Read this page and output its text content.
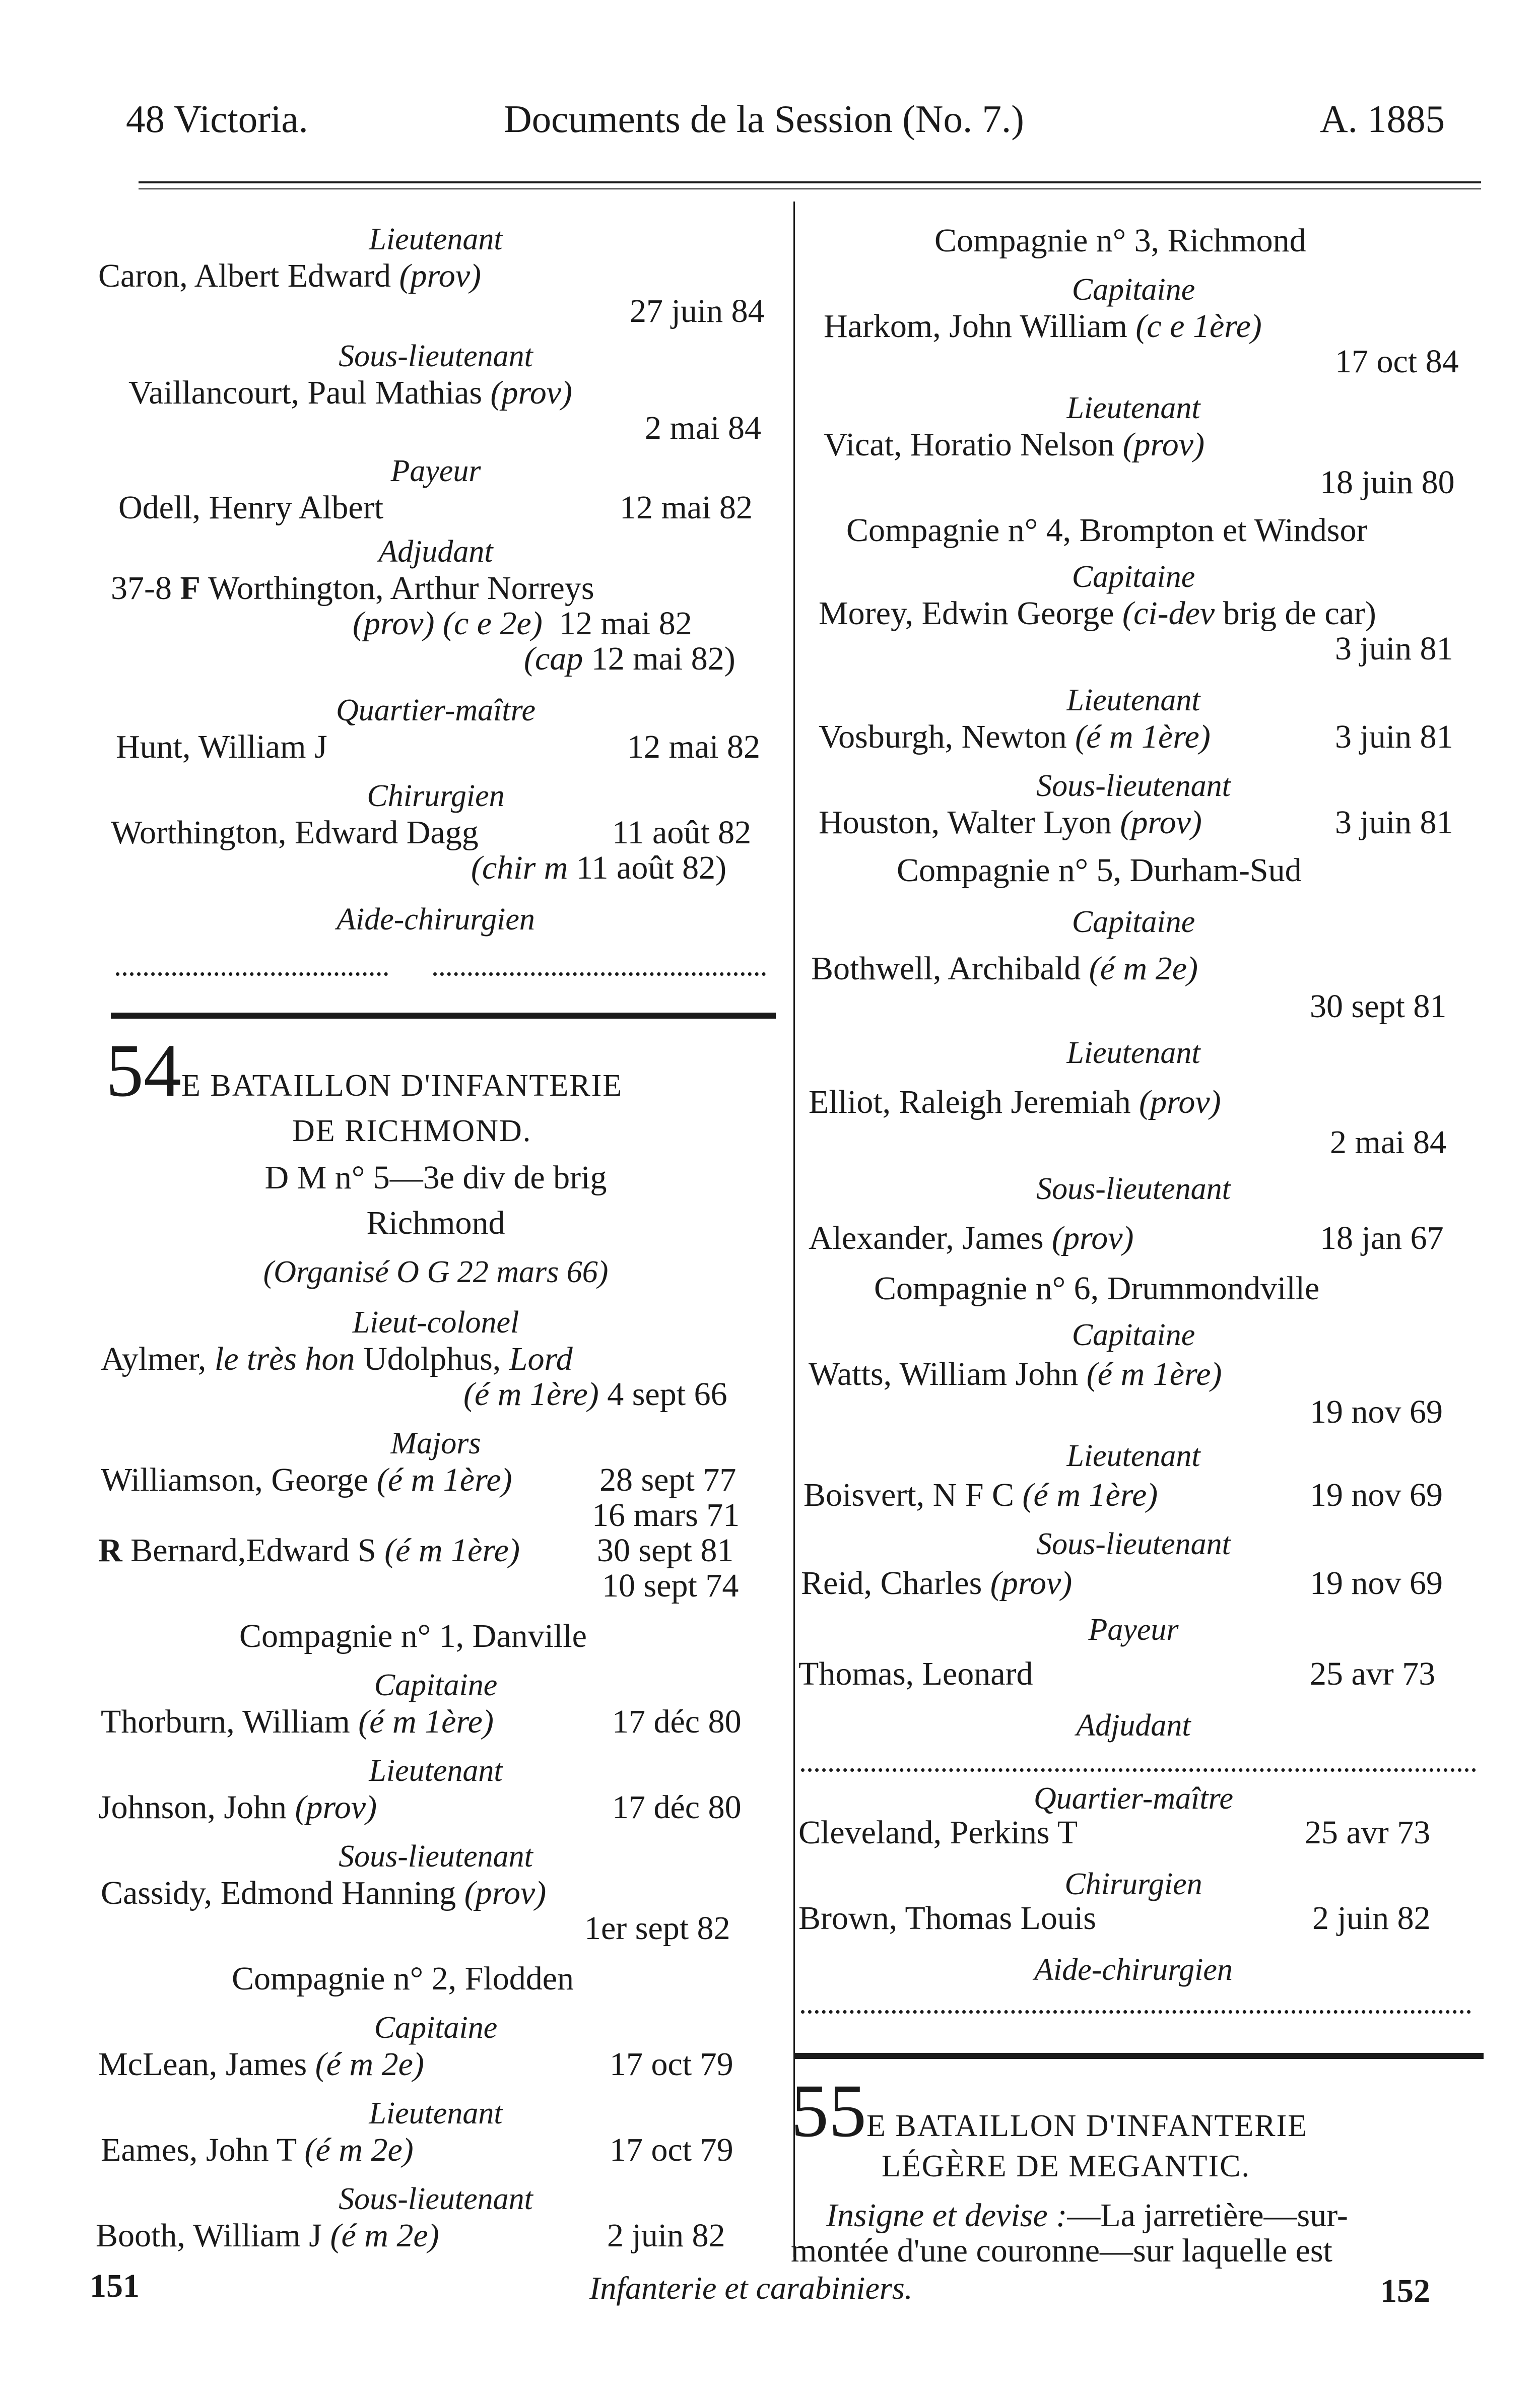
48 Victoria.	Documents de la Session (No. 7.)	A. 1885
Lieutenant
Caron, Albert Edward (prov)
27 juin 84
Sous-lieutenant
Vaillancourt, Paul Mathias (prov)
2 mai 84
Payeur
Odell, Henry Albert	12 mai 82
Adjudant
37-8 F Worthington, Arthur Norreys
(prov) (c e 2e) 12 mai 82
(cap 12 mai 82)
Quartier-maître
Hunt, William J	12 mai 82
Chirurgien
Worthington, Edward Dagg	11 août 82
(chir m 11 août 82)
Aide-chirurgien
54E BATAILLON D'INFANTERIE
DE RICHMOND.
D M n° 5—3e div de brig
Richmond
(Organisé O G 22 mars 66)
Lieut-colonel
Aylmer, le très hon Udolphus, Lord
(é m 1ère) 4 sept 66
Majors
Williamson, George (é m 1ère)	28 sept 77
16 mars 71
R Bernard,Edward S (é m 1ère) 30 sept 81
10 sept 74
Compagnie n° 1, Danville
Capitaine
Thorburn, William (é m 1ère)	17 déc 80
Lieutenant
Johnson, John (prov)	17 déc 80
Sous-lieutenant
Cassidy, Edmond Hanning (prov)
1er sept 82
Compagnie n° 2, Flodden
Capitaine
McLean, James (é m 2e)	17 oct 79
Lieutenant
Eames, John T (é m 2e)	17 oct 79
Sous-lieutenant
Booth, William J (é m 2e)	2 juin 82
Compagnie n° 3, Richmond
Capitaine
Harkom, John William (c e 1ère)
17 oct 84
Lieutenant
Vicat, Horatio Nelson (prov)
18 juin 80
Compagnie n° 4, Brompton et Windsor
Capitaine
Morey, Edwin George (ci-dev brig de car)
3 juin 81
Lieutenant
Vosburgh, Newton (é m 1ère)	3 juin 81
Sous-lieutenant
Houston, Walter Lyon (prov)	3 juin 81
Compagnie n° 5, Durham-Sud
Capitaine
Bothwell, Archibald (é m 2e)
30 sept 81
Lieutenant
Elliot, Raleigh Jeremiah (prov)
2 mai 84
Sous-lieutenant
Alexander, James (prov)	18 jan 67
Compagnie n° 6, Drummondville
Capitaine
Watts, William John (é m 1ère)
19 nov 69
Lieutenant
Boisvert, N F C (é m 1ère)	19 nov 69
Sous-lieutenant
Reid, Charles (prov)	19 nov 69
Payeur
Thomas, Leonard	25 avr 73
Adjudant
Quartier-maître
Cleveland, Perkins T	25 avr 73
Chirurgien
Brown, Thomas Louis	2 juin 82
Aide-chirurgien
55E BATAILLON D'INFANTERIE
LÉGÈRE DE MEGANTIC.
Insigne et devise :—La jarretière—sur-
montée d'une couronne—sur laquelle est
Infanterie et carabiniers.
151	152
